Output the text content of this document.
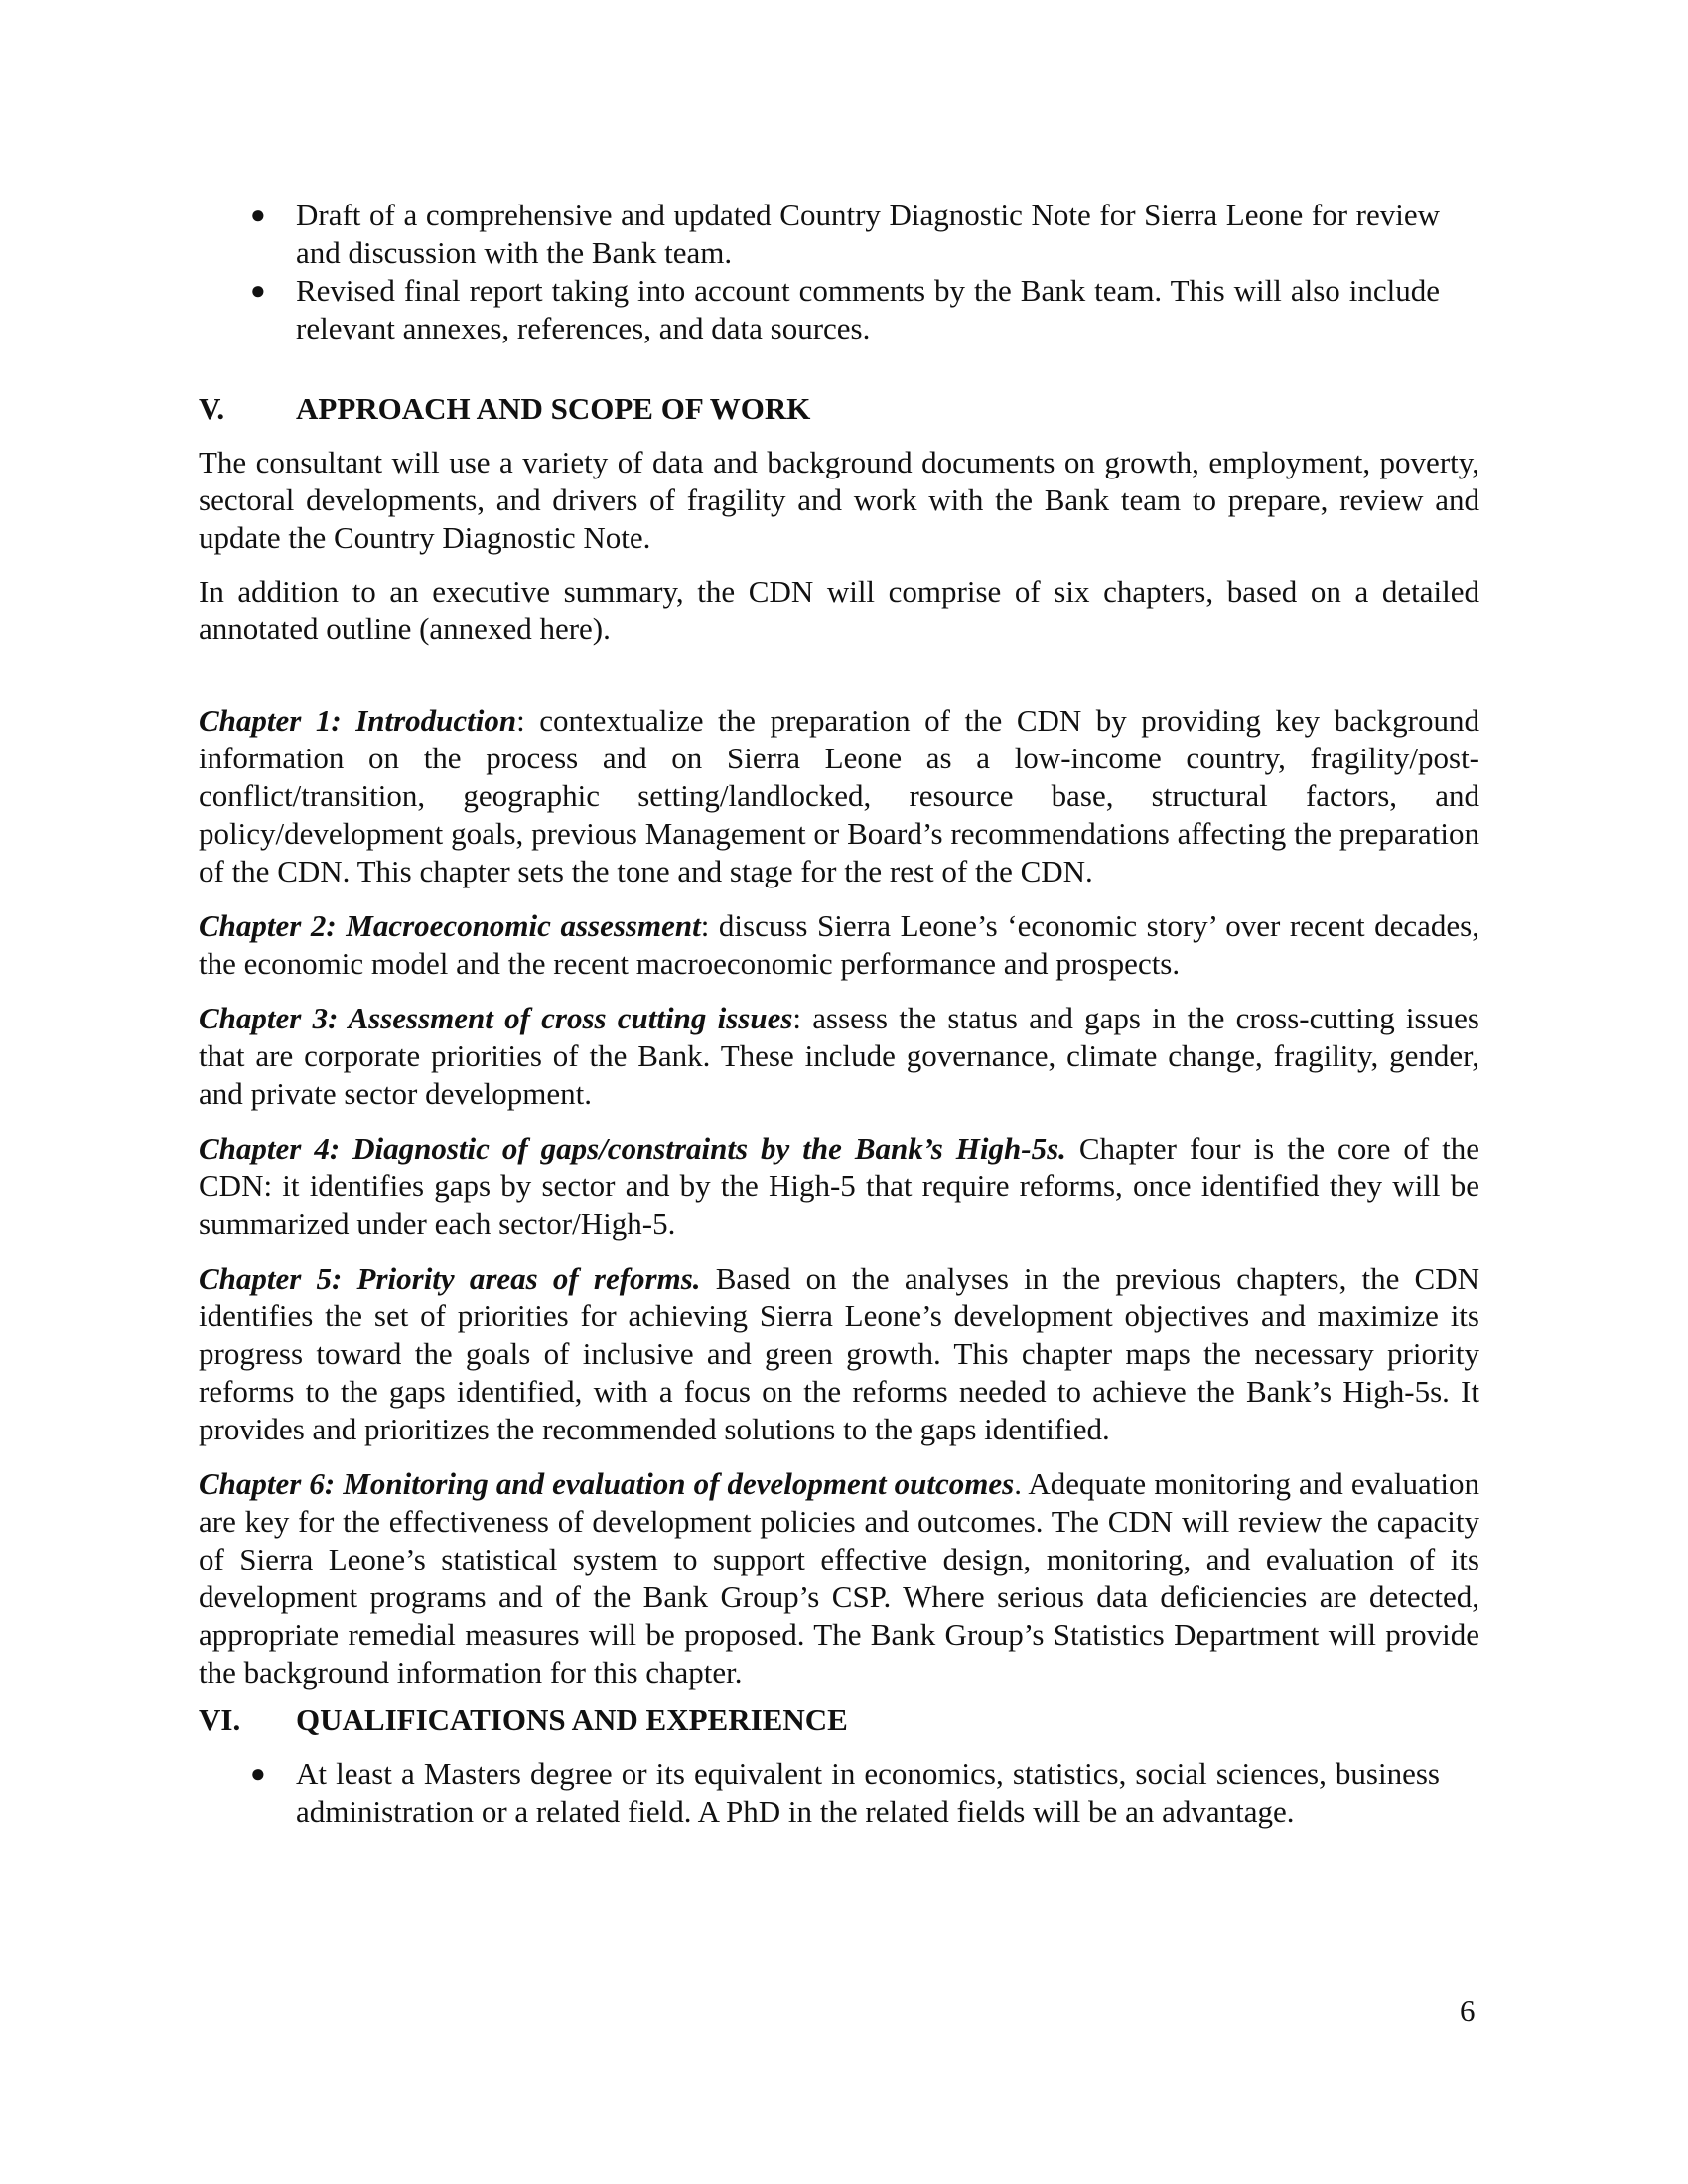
● Draft of a comprehensive and updated Country Diagnostic Note for Sierra Leone for review and discussion with the Bank team.
● Revised final report taking into account comments by the Bank team. This will also include relevant annexes, references, and data sources.
V.	APPROACH AND SCOPE OF WORK

The consultant will use a variety of data and background documents on growth, employment, poverty, sectoral developments, and drivers of fragility and work with the Bank team to prepare, review and update the Country Diagnostic Note.

In addition to an executive summary, the CDN will comprise of six chapters, based on a detailed annotated outline (annexed here).

Chapter 1: Introduction: contextualize the preparation of the CDN by providing key background information on the process and on Sierra Leone as a low-income country, fragility/post-conflict/transition, geographic setting/landlocked, resource base, structural factors, and policy/development goals, previous Management or Board’s recommendations affecting the preparation of the CDN. This chapter sets the tone and stage for the rest of the CDN.

Chapter 2: Macroeconomic assessment: discuss Sierra Leone’s ‘economic story’ over recent decades, the economic model and the recent macroeconomic performance and prospects.

Chapter 3: Assessment of cross cutting issues: assess the status and gaps in the cross-cutting issues that are corporate priorities of the Bank. These include governance, climate change, fragility, gender, and private sector development.

Chapter 4: Diagnostic of gaps/constraints by the Bank’s High-5s. Chapter four is the core of the CDN: it identifies gaps by sector and by the High-5 that require reforms, once identified they will be summarized under each sector/High-5.

Chapter 5: Priority areas of reforms. Based on the analyses in the previous chapters, the CDN identifies the set of priorities for achieving Sierra Leone’s development objectives and maximize its progress toward the goals of inclusive and green growth. This chapter maps the necessary priority reforms to the gaps identified, with a focus on the reforms needed to achieve the Bank’s High-5s. It provides and prioritizes the recommended solutions to the gaps identified.

Chapter 6: Monitoring and evaluation of development outcomes. Adequate monitoring and evaluation are key for the effectiveness of development policies and outcomes. The CDN will review the capacity of Sierra Leone’s statistical system to support effective design, monitoring, and evaluation of its development programs and of the Bank Group’s CSP. Where serious data deficiencies are detected, appropriate remedial measures will be proposed. The Bank Group’s Statistics Department will provide the background information for this chapter.

VI.	QUALIFICATIONS AND EXPERIENCE
● At least a Masters degree or its equivalent in economics, statistics, social sciences, business administration or a related field. A PhD in the related fields will be an advantage.
6
